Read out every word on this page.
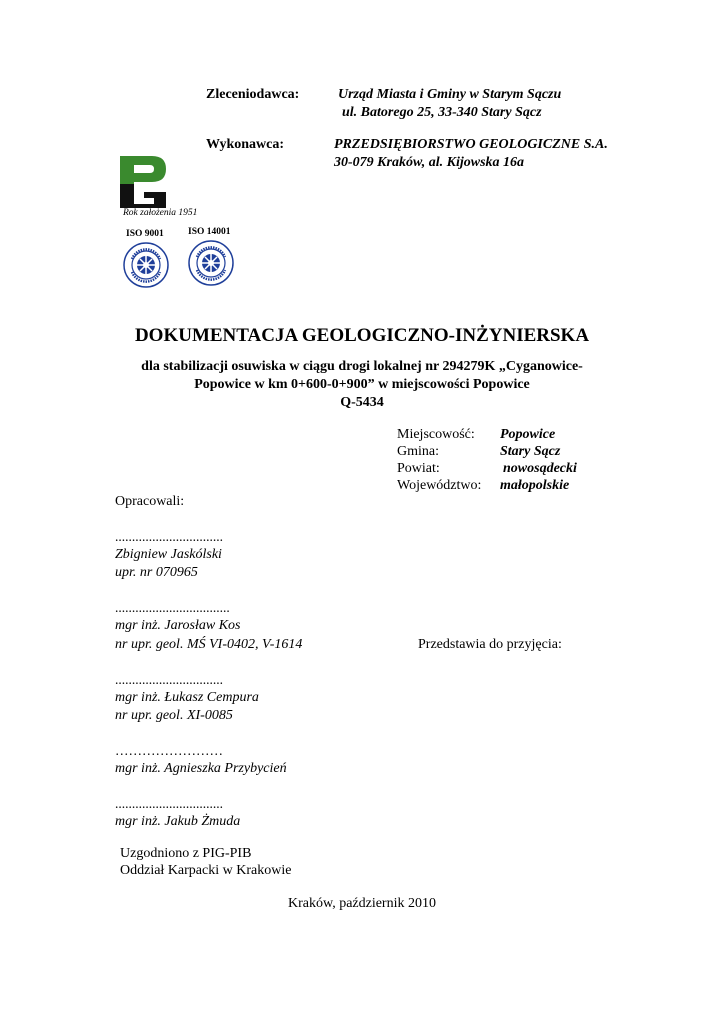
Zleceniodawca:	Urząd Miasta i Gminy w Starym Sączu
ul. Batorego 25, 33-340 Stary Sącz
Wykonawca:	PRZEDSIĘBIORSTWO GEOLOGICZNE S.A.
30-079 Kraków, al. Kijowska 16a
Rok założenia 1951
ISO 9001	ISO 14001
DOKUMENTACJA GEOLOGICZNO-INŻYNIERSKA
dla stabilizacji osuwiska w ciągu drogi lokalnej nr 294279K „Cyganowice-
Popowice w km 0+600-0+900” w miejscowości Popowice
Q-5434
Miejscowość: Popowice
Gmina:	Stary Sącz
Powiat:	nowosądecki
Województwo: małopolskie
Opracowali:
................................
Zbigniew Jaskólski
upr. nr 070965
..................................
mgr inż. Jarosław Kos
nr upr. geol. MŚ VI-0402, V-1614	Przedstawia do przyjęcia:
................................
mgr inż. Łukasz Cempura
nr upr. geol. XI-0085
……………………
mgr inż. Agnieszka Przybycień
................................
mgr inż. Jakub Żmuda
Uzgodniono z PIG-PIB
Oddział Karpacki w Krakowie
Kraków, październik 2010
